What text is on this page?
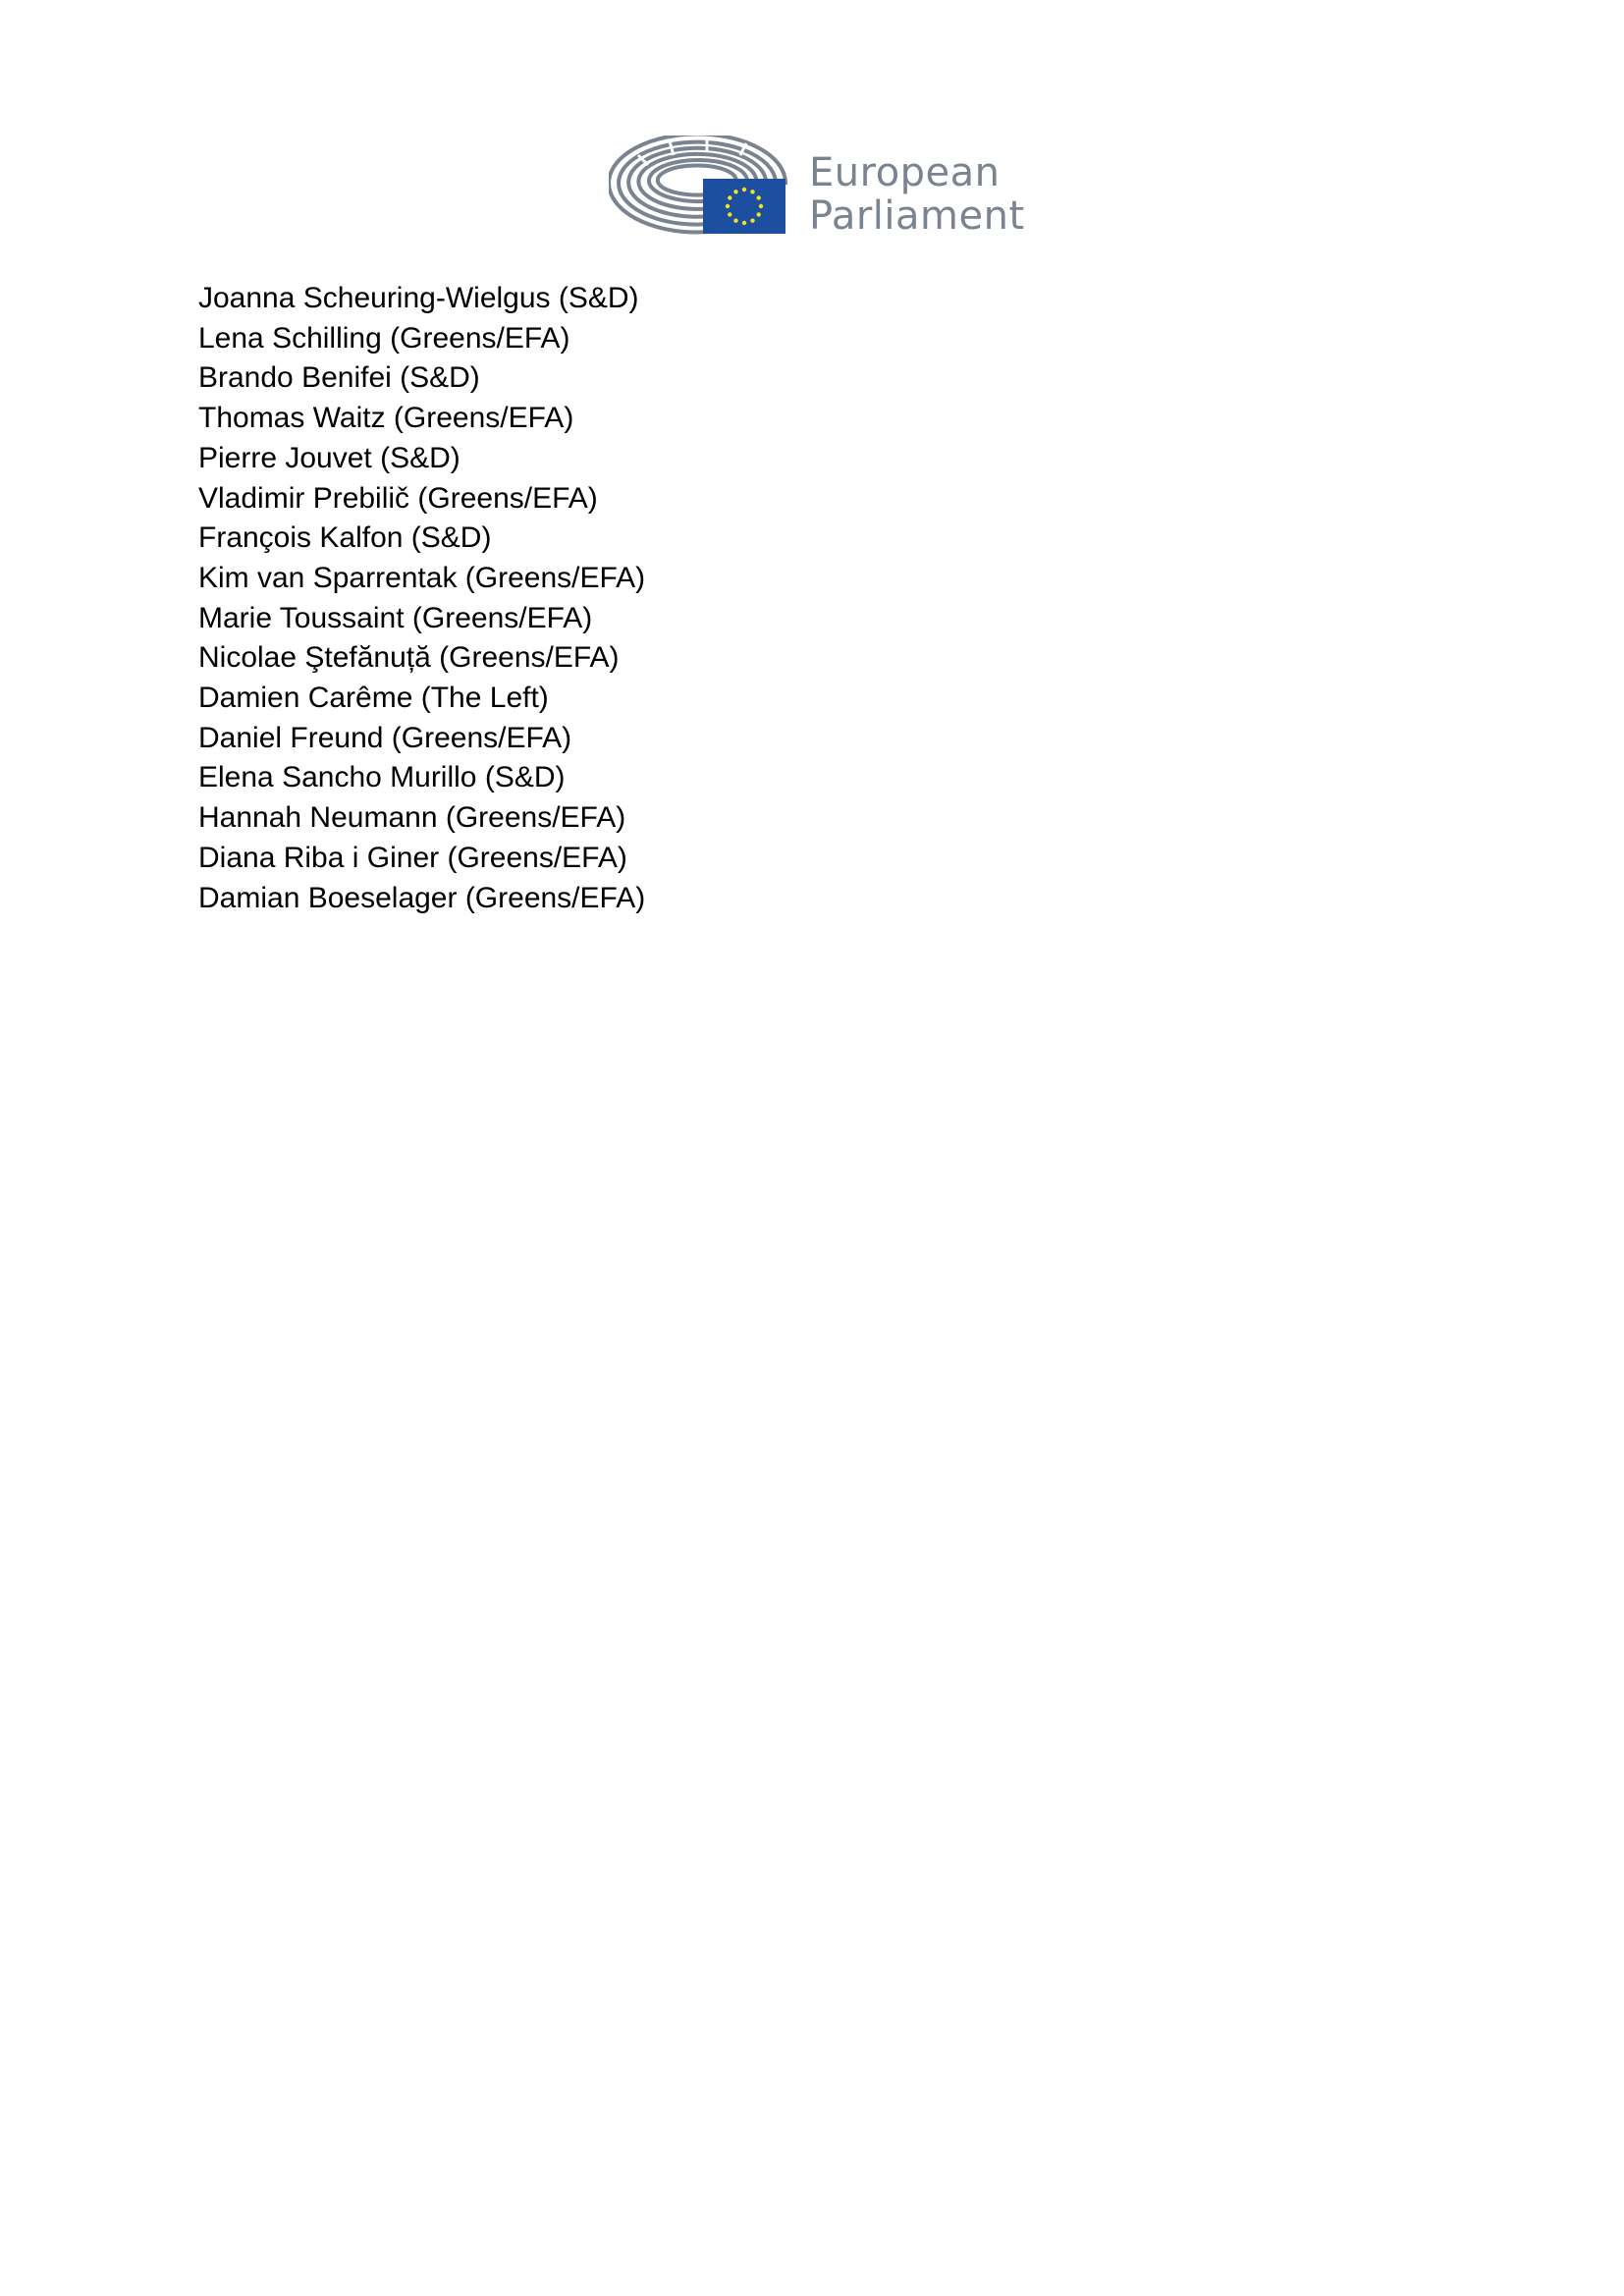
European
Parliament
Joanna Scheuring-Wielgus (S&D)
Lena Schilling (Greens/EFA)
Brando Benifei (S&D)
Thomas Waitz (Greens/EFA)
Pierre Jouvet (S&D)
Vladimir Prebilič (Greens/EFA)
François Kalfon (S&D)
Kim van Sparrentak (Greens/EFA)
Marie Toussaint (Greens/EFA)
Nicolae Ştefănuță (Greens/EFA)
Damien Carême (The Left)
Daniel Freund (Greens/EFA)
Elena Sancho Murillo (S&D)
Hannah Neumann (Greens/EFA)
Diana Riba i Giner (Greens/EFA)
Damian Boeselager (Greens/EFA)
